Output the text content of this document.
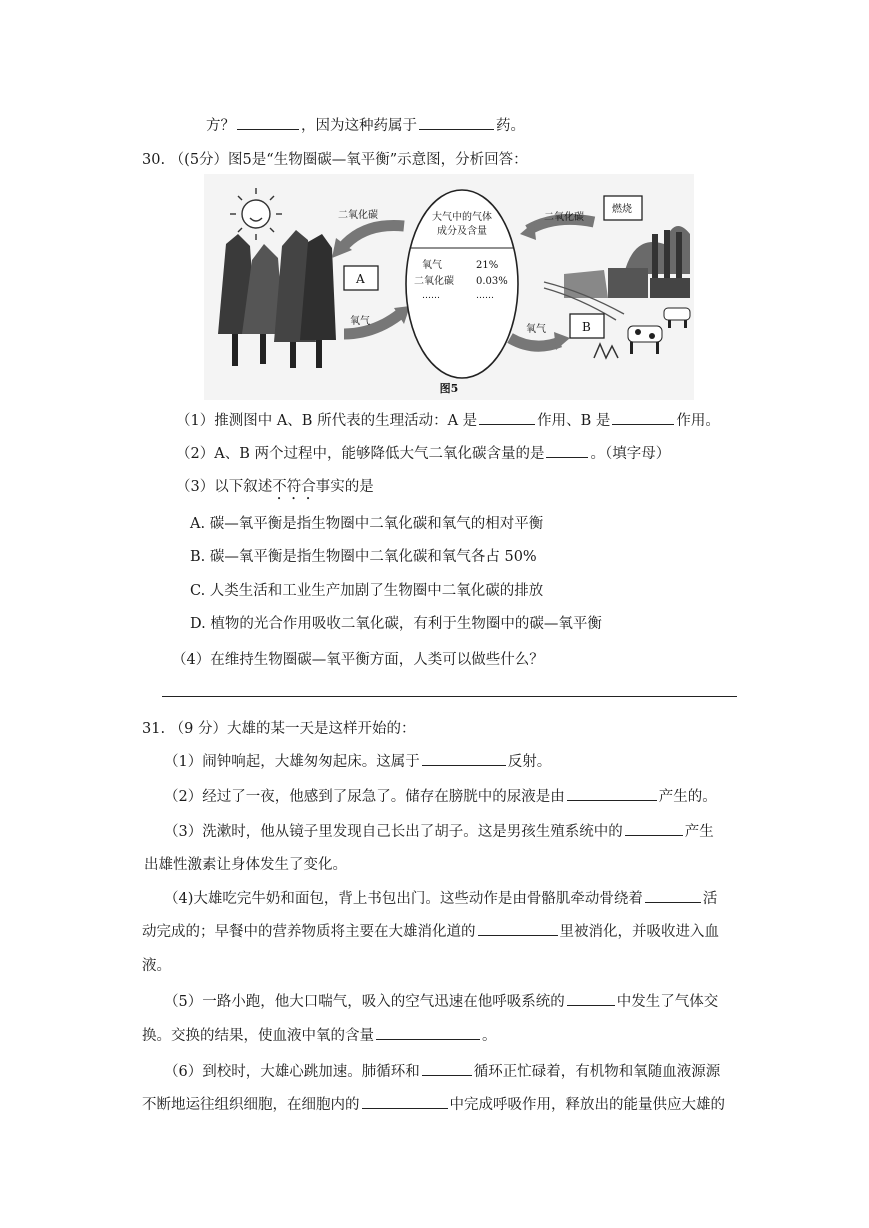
方？	，因为这种药属于	药。
30. （(5分）图5是“生物圈碳—氧平衡”示意图，分析回答：
二氧化碳
氧气
A
大气中的气体
成分及含量
氧气	21%
二氧化碳 0.03%
……	……
二氧化碳
氧气
燃烧
B
图5
（1）推测图中 A、B 所代表的生理活动：A 是	作用、B 是	作用。
（2）A、B 两个过程中，能够降低大气二氧化碳含量的是	。（填字母）
（3）以下叙述不符合事实的是
A. 碳—氧平衡是指生物圈中二氧化碳和氧气的相对平衡
B. 碳—氧平衡是指生物圈中二氧化碳和氧气各占 50%
C. 人类生活和工业生产加剧了生物圈中二氧化碳的排放
D. 植物的光合作用吸收二氧化碳，有利于生物圈中的碳—氧平衡
（4）在维持生物圈碳—氧平衡方面，人类可以做些什么？
31. （9 分）大雄的某一天是这样开始的：
（1）闹钟响起，大雄匆匆起床。这属于	反射。
（2）经过了一夜，他感到了尿急了。储存在膀胱中的尿液是由	产生的。
（3）洗漱时，他从镜子里发现自己长出了胡子。这是男孩生殖系统中的	产生
出雄性激素让身体发生了变化。
（4)大雄吃完牛奶和面包，背上书包出门。这些动作是由骨骼肌牵动骨绕着	活
动完成的；早餐中的营养物质将主要在大雄消化道的	里被消化，并吸收进入血
液。
（5）一路小跑，他大口喘气，吸入的空气迅速在他呼吸系统的	中发生了气体交
换。交换的结果，使血液中氧的含量	。
（6）到校时，大雄心跳加速。肺循环和	循环正忙碌着，有机物和氧随血液源源
不断地运往组织细胞，在细胞内的	中完成呼吸作用，释放出的能量供应大雄的
